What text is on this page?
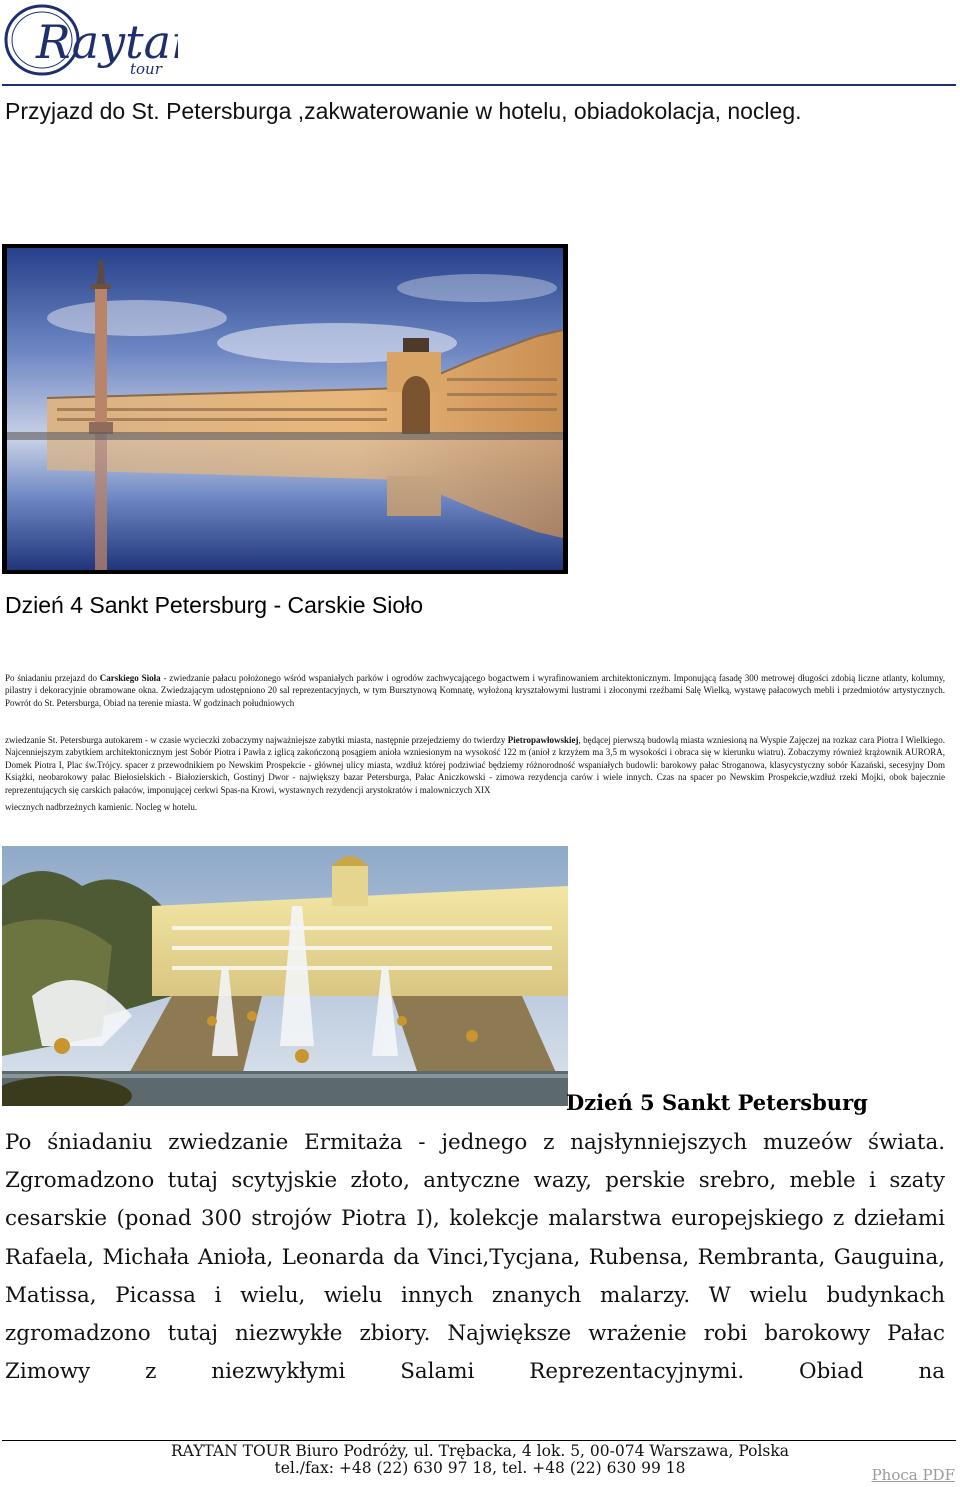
Rayta
tour
Przyjazd do St. Petersburga ,zakwaterowanie w hotelu, obiadokolacja, nocleg.
Dzień 4 Sankt Petersburg - Carskie Sioło
Po śniadaniu przejazd do Carskiego Sioła - zwiedzanie pałacu położonego wśród wspaniałych parków i ogrodów zachwycającego bogactwem i wyrafinowaniem architektonicznym. Imponującą fasadę 300 metrowej długości zdobią liczne atlanty, kolumny, pilastry i dekoracyjnie obramowane okna. Zwiedzającym udostępniono 20 sal reprezentacyjnych, w tym Bursztynową Komnatę, wyłożoną kryształowymi lustrami i złoconymi rzeźbami Salę Wielką, wystawę pałacowych mebli i przedmiotów artystycznych. Powrót do St. Petersburga, Obiad na terenie miasta. W godzinach południowych
zwiedzanie St. Petersburga autokarem - w czasie wycieczki zobaczymy najważniejsze zabytki miasta, następnie przejedziemy do twierdzy Pietropawłowskiej, będącej pierwszą budowlą miasta wzniesioną na Wyspie Zajęczej na rozkaz cara Piotra I Wielkiego. Najcenniejszym zabytkiem architektonicznym jest Sobór Piotra i Pawła z iglicą zakończoną posągiem anioła wzniesionym na wysokość 122 m (anioł z krzyżem ma 3,5 m wysokości i obraca się w kierunku wiatru). Zobaczymy również krążownik AURORA, Domek Piotra I, Plac św.Trójcy. spacer z przewodnikiem po Newskim Prospekcie - głównej ulicy miasta, wzdłuż której podziwiać będziemy różnorodność wspaniałych budowli: barokowy pałac Stroganowa, klasycystyczny sobór Kazański, secesyjny Dom Książki, neobarokowy pałac Biełosielskich - Białozierskich, Gostinyj Dwor - największy bazar Petersburga, Pałac Aniczkowski - zimowa rezydencja carów i wiele innych. Czas na spacer po Newskim Prospekcie,wzdłuż rzeki Mojki, obok bajecznie reprezentujących się carskich pałaców, imponującej cerkwi Spas-na Krowi, wystawnych rezydencji arystokratów i malowniczych XIX
wiecznych nadbrzeżnych kamienic. Nocleg w hotelu.
Dzień 5 Sankt Petersburg
Po śniadaniu zwiedzanie Ermitaża - jednego z najsłynniejszych muzeów świata. Zgromadzono tutaj scytyjskie złoto, antyczne wazy, perskie srebro, meble i szaty cesarskie (ponad 300 strojów Piotra I), kolekcje malarstwa europejskiego z dziełami Rafaela, Michała Anioła, Leonarda da Vinci,Tycjana, Rubensa, Rembranta, Gauguina, Matissa, Picassa i wielu, wielu innych znanych malarzy. W wielu budynkach zgromadzono tutaj niezwykłe zbiory. Największe wrażenie robi barokowy Pałac Zimowy z niezwykłymi Salami Reprezentacyjnymi. Obiad na
RAYTAN TOUR Biuro Podróży, ul. Trębacka, 4 lok. 5, 00-074 Warszawa, Polska
tel./fax: +48 (22) 630 97 18, tel. +48 (22) 630 99 18	Phoca PDF
